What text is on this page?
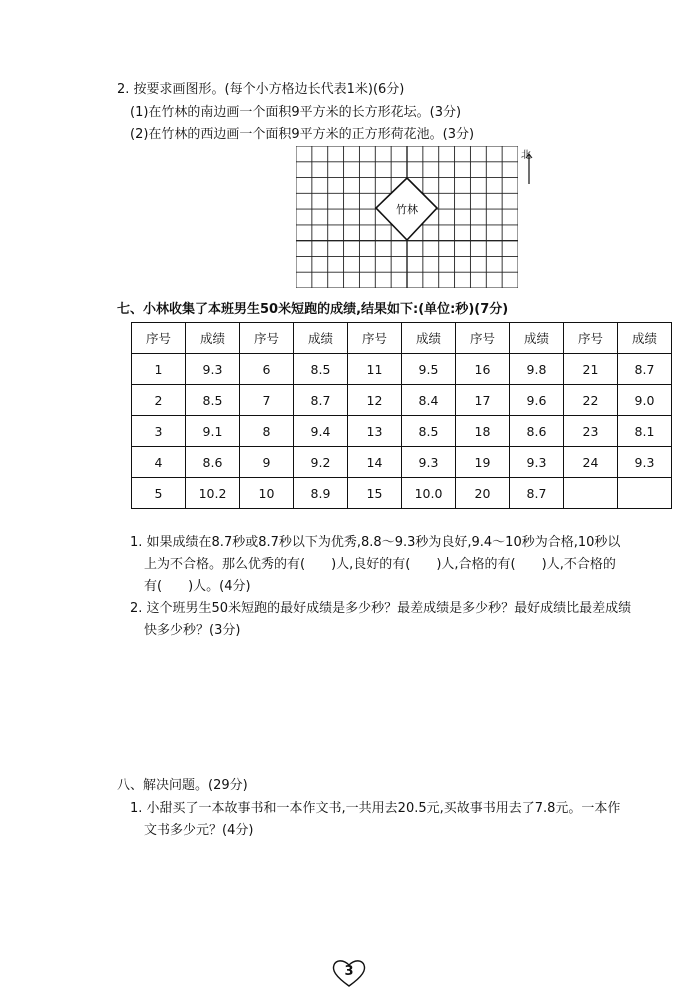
2. 按要求画图形。(每个小方格边长代表1米)(6分)
(1)在竹林的南边画一个面积9平方米的长方形花坛。(3分)
(2)在竹林的西边画一个面积9平方米的正方形荷花池。(3分)
竹林
北
七、小林收集了本班男生50米短跑的成绩,结果如下:(单位:秒)(7分)
序号	成绩	序号	成绩	序号	成绩	序号	成绩	序号	成绩
1	9.3	6	8.5	11	9.5	16	9.8	21	8.7
2	8.5	7	8.7	12	8.4	17	9.6	22	9.0
3	9.1	8	9.4	13	8.5	18	8.6	23	8.1
4	8.6	9	9.2	14	9.3	19	9.3	24	9.3
5	10.2	10	8.9	15	10.0	20	8.7		
1. 如果成绩在8.7秒或8.7秒以下为优秀,8.8～9.3秒为良好,9.4～10秒为合格,10秒以
上为不合格。那么优秀的有(　　)人,良好的有(　　)人,合格的有(　　)人,不合格的
有(　　)人。(4分)
2. 这个班男生50米短跑的最好成绩是多少秒？最差成绩是多少秒？最好成绩比最差成绩
快多少秒？(3分)
八、解决问题。(29分)
1. 小甜买了一本故事书和一本作文书,一共用去20.5元,买故事书用去了7.8元。一本作
文书多少元？(4分)
3
